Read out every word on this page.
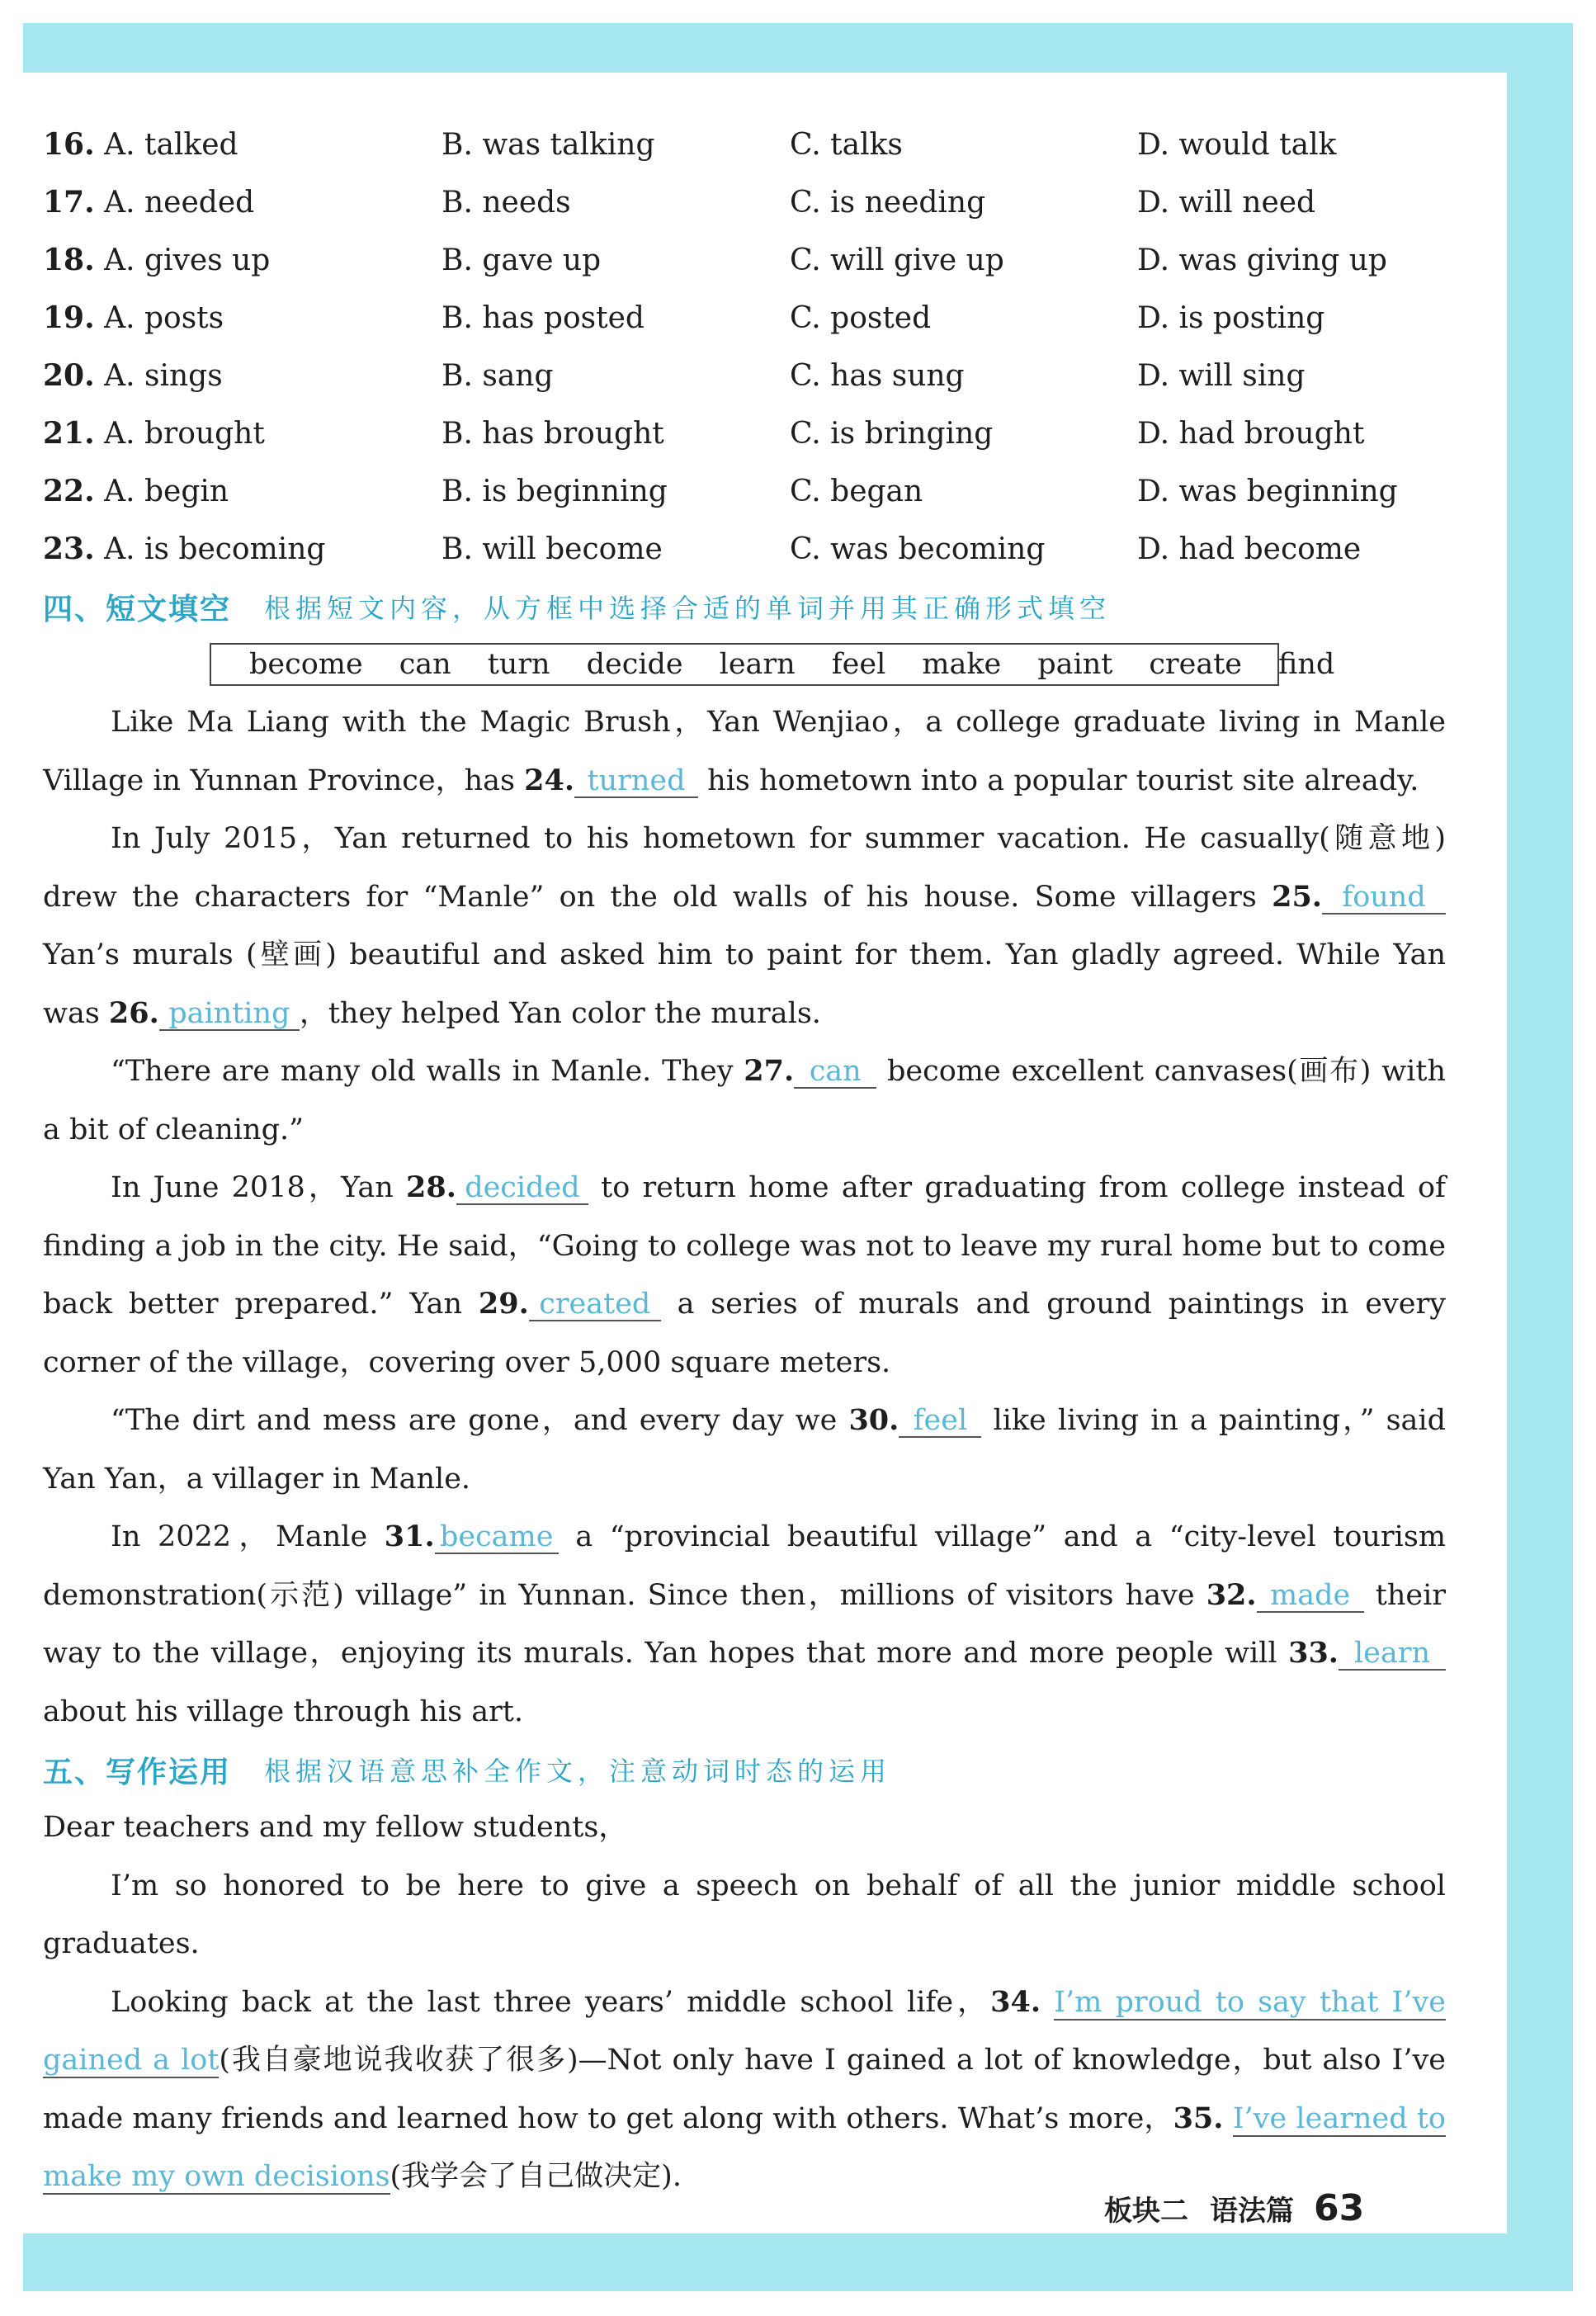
16. A. talked	B. was talking	C. talks	D. would talk
17. A. needed	B. needs	C. is needing	D. will need
18. A. gives up	B. gave up	C. will give up	D. was giving up
19. A. posts	B. has posted	C. posted	D. is posting
20. A. sings	B. sang	C. has sung	D. will sing
21. A. brought	B. has brought	C. is bringing	D. had brought
22. A. begin	B. is beginning	C. began	D. was beginning
23. A. is becoming	B. will become	C. was becoming	D. had become
四、短文填空 根据短文内容，从方框中选择合适的单词并用其正确形式填空
become can turn decide learn feel make paint create find

Like Ma Liang with the Magic Brush，Yan Wenjiao，a college graduate living in Manle Village in Yunnan Province，has 24. turned his hometown into a popular tourist site already.

In July 2015，Yan returned to his hometown for summer vacation. He casually(随意地) drew the characters for “Manle” on the old walls of his house. Some villagers 25. found Yan’s murals (壁画) beautiful and asked him to paint for them. Yan gladly agreed. While Yan was 26. painting ，they helped Yan color the murals.

“There are many old walls in Manle. They 27. can become excellent canvases(画布) with a bit of cleaning.”

In June 2018，Yan 28. decided to return home after graduating from college instead of finding a job in the city. He said，“Going to college was not to leave my rural home but to come back better prepared.” Yan 29. created a series of murals and ground paintings in every corner of the village，covering over 5,000 square meters.

“The dirt and mess are gone，and every day we 30. feel like living in a painting，” said Yan Yan，a villager in Manle.

In 2022，Manle 31. became a “provincial beautiful village” and a “city-level tourism demonstration(示范) village” in Yunnan. Since then，millions of visitors have 32. made their way to the village，enjoying its murals. Yan hopes that more and more people will 33. learn about his village through his art.

五、写作运用 根据汉语意思补全作文，注意动词时态的运用

Dear teachers and my fellow students，

I’m so honored to be here to give a speech on behalf of all the junior middle school graduates.

Looking back at the last three years’ middle school life，34. I’m proud to say that I’ve gained a lot(我自豪地说我收获了很多)—Not only have I gained a lot of knowledge，but also I’ve made many friends and learned how to get along with others. What’s more，35. I’ve learned to make my own decisions(我学会了自己做决定).

板块二 语法篇 63
